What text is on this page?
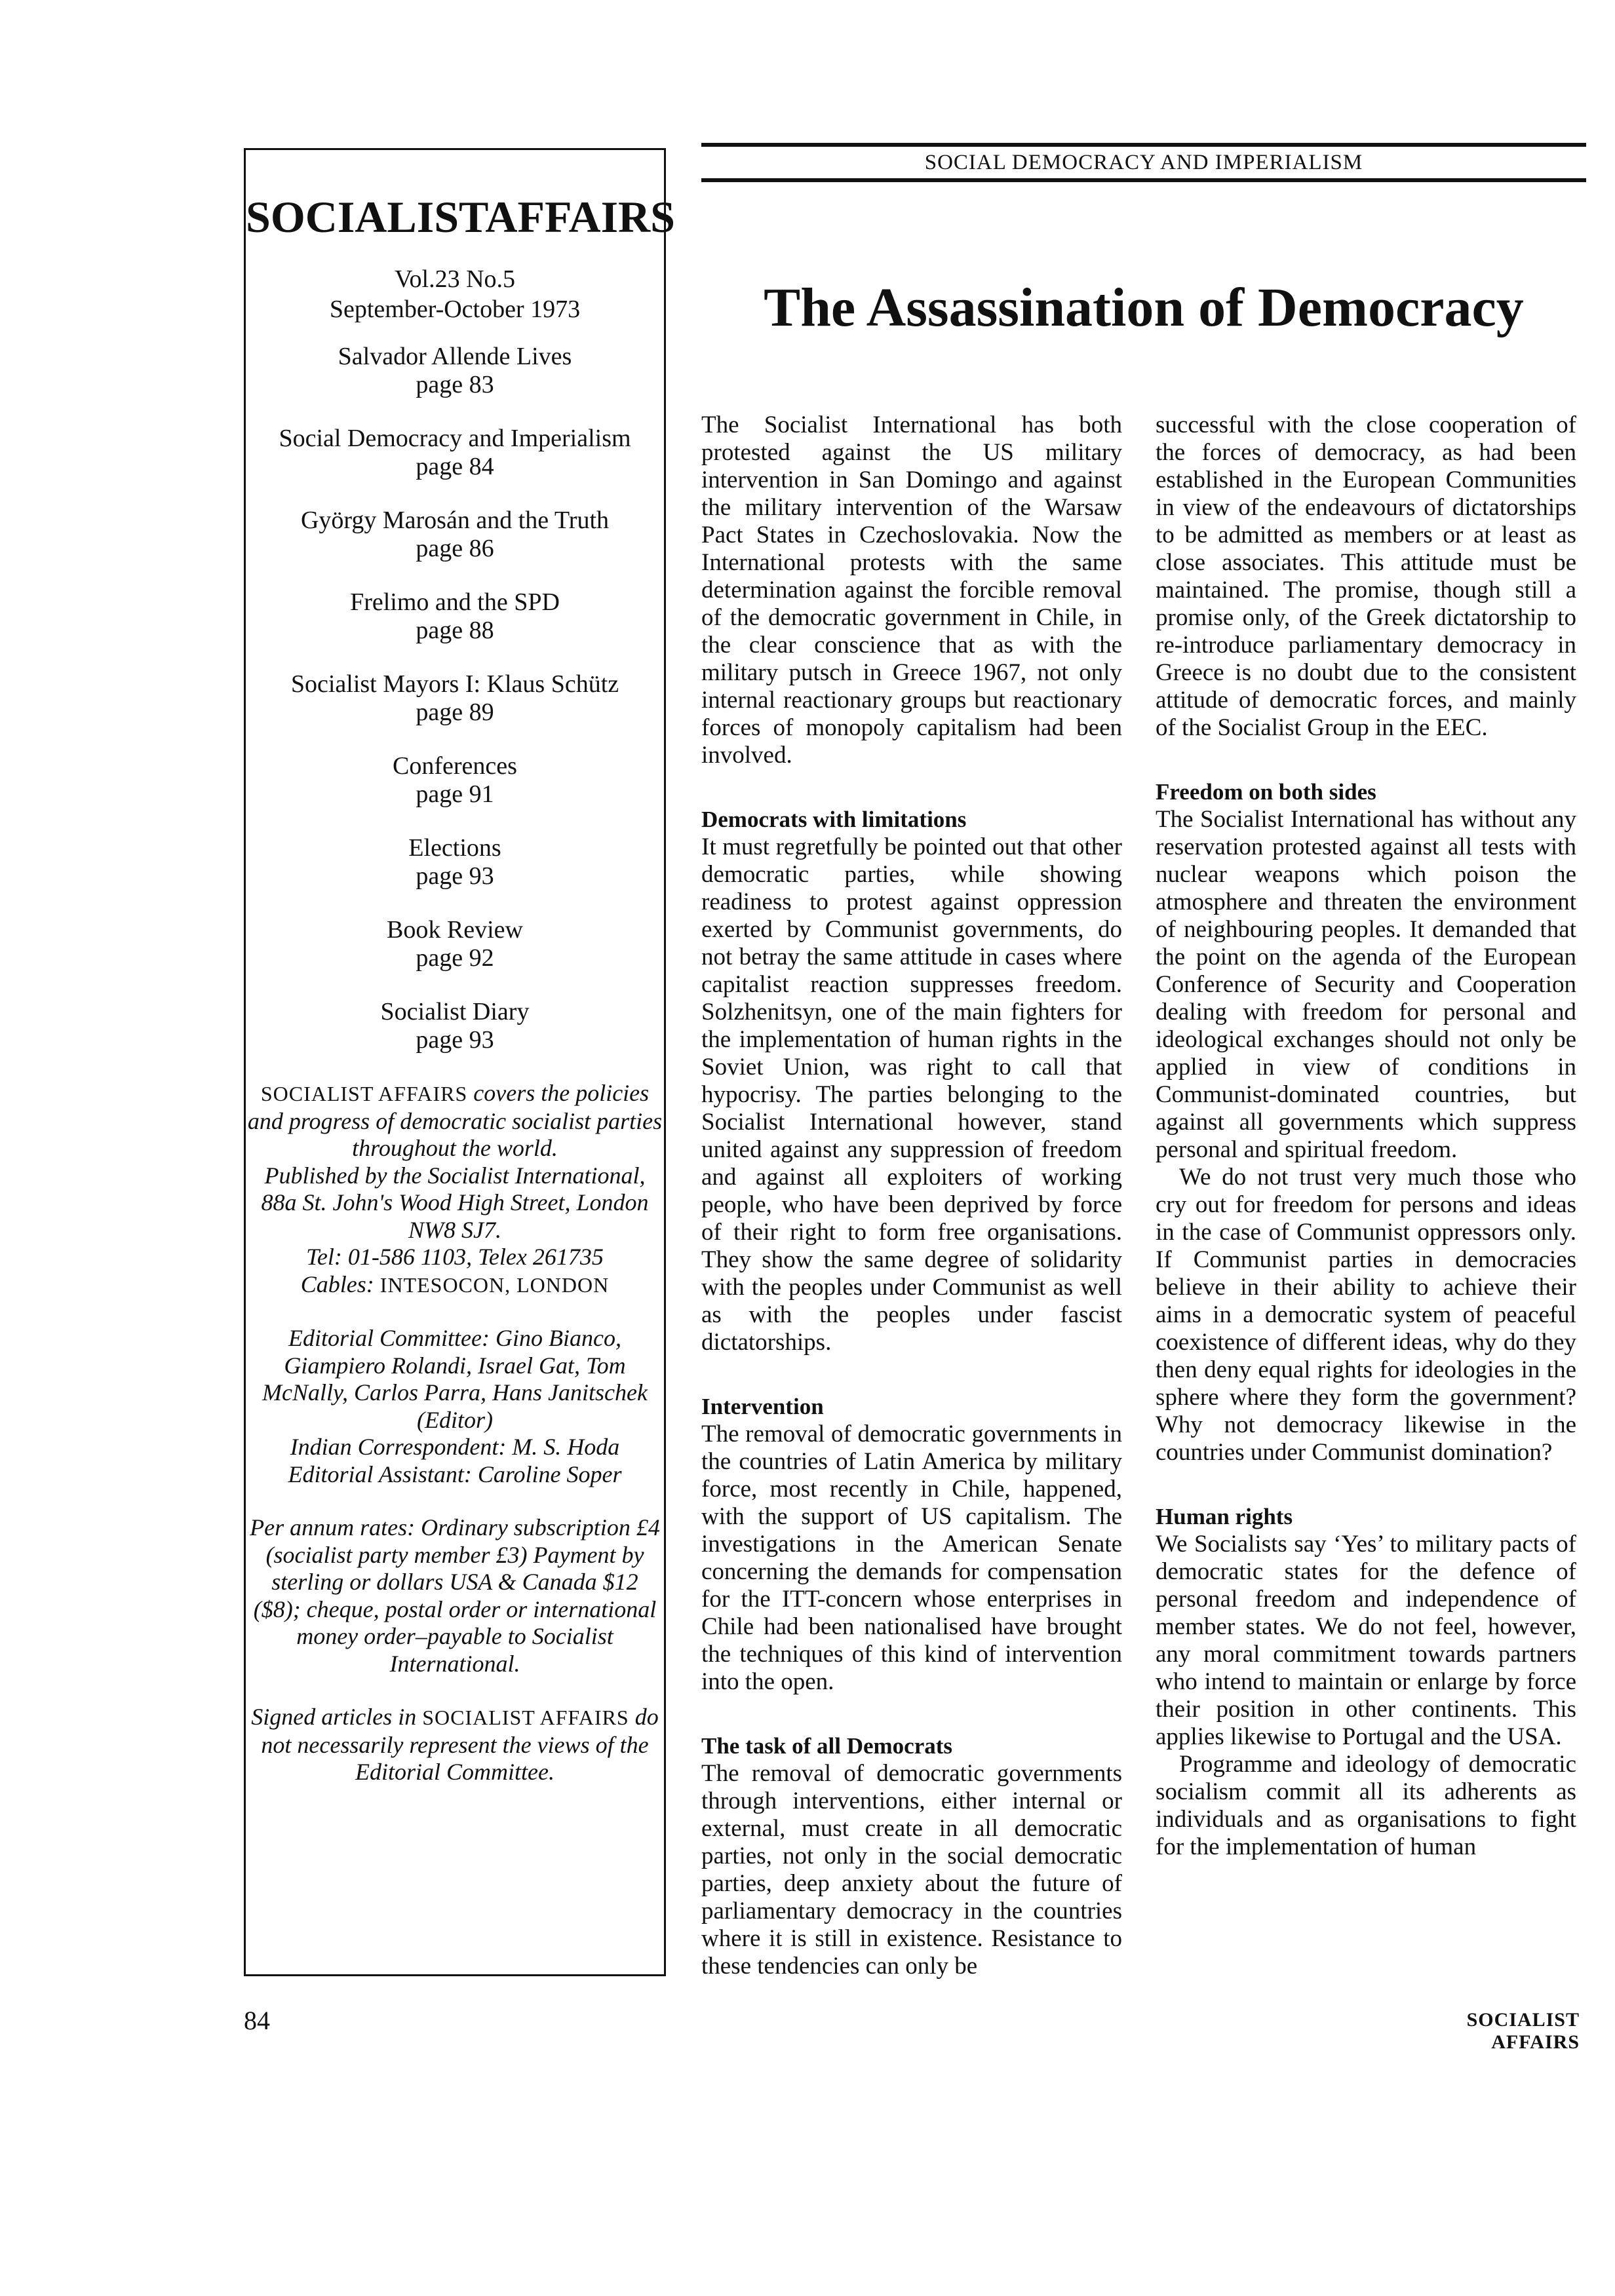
SOCIALISTAFFAIRS
Vol.23 No.5
September-October 1973
Salvador Allende Lives
page 83
Social Democracy and Imperialism
page 84
György Marosán and the Truth
page 86
Frelimo and the SPD
page 88
Socialist Mayors I: Klaus Schütz
page 89
Conferences
page 91
Elections
page 93
Book Review
page 92
Socialist Diary
page 93

SOCIALIST AFFAIRS covers the policies and progress of democratic socialist parties throughout the world.
Published by the Socialist International, 88a St. John's Wood High Street, London NW8 SJ7.
Tel: 01-586 1103, Telex 261735
Cables: INTESOCON, LONDON

Editorial Committee: Gino Bianco, Giampiero Rolandi, Israel Gat, Tom McNally, Carlos Parra, Hans Janitschek (Editor)
Indian Correspondent: M. S. Hoda
Editorial Assistant: Caroline Soper

Per annum rates: Ordinary subscription £4 (socialist party member £3) Payment by sterling or dollars USA & Canada $12 ($8); cheque, postal order or international money order–payable to Socialist International.

Signed articles in SOCIALIST AFFAIRS do not necessarily represent the views of the Editorial Committee.

SOCIAL DEMOCRACY AND IMPERIALISM
The Assassination of Democracy

The Socialist International has both protested against the US military intervention in San Domingo and against the military intervention of the Warsaw Pact States in Czechoslovakia. Now the International protests with the same determination against the forcible removal of the democratic government in Chile, in the clear conscience that as with the military putsch in Greece 1967, not only internal reactionary groups but reactionary forces of monopoly capitalism had been involved.

Democrats with limitations

It must regretfully be pointed out that other democratic parties, while showing readiness to protest against oppression exerted by Communist governments, do not betray the same attitude in cases where capitalist reaction suppresses freedom. Solzhenitsyn, one of the main fighters for the implementation of human rights in the Soviet Union, was right to call that hypocrisy. The parties belonging to the Socialist International however, stand united against any suppression of freedom and against all exploiters of working people, who have been deprived by force of their right to form free organisations. They show the same degree of solidarity with the peoples under Communist as well as with the peoples under fascist dictatorships.

Intervention

The removal of democratic governments in the countries of Latin America by military force, most recently in Chile, happened, with the support of US capitalism. The investigations in the American Senate concerning the demands for compensation for the ITT-concern whose enterprises in Chile had been nationalised have brought the techniques of this kind of intervention into the open.

The task of all Democrats

The removal of democratic governments through interventions, either internal or external, must create in all democratic parties, not only in the social democratic parties, deep anxiety about the future of parliamentary democracy in the countries where it is still in existence. Resistance to these tendencies can only be

successful with the close cooperation of the forces of democracy, as had been established in the European Communities in view of the endeavours of dictatorships to be admitted as members or at least as close associates. This attitude must be maintained. The promise, though still a promise only, of the Greek dictatorship to re-introduce parliamentary democracy in Greece is no doubt due to the consistent attitude of democratic forces, and mainly of the Socialist Group in the EEC.

Freedom on both sides

The Socialist International has without any reservation protested against all tests with nuclear weapons which poison the atmosphere and threaten the environment of neighbouring peoples. It demanded that the point on the agenda of the European Conference of Security and Cooperation dealing with freedom for personal and ideological exchanges should not only be applied in view of conditions in Communist-dominated countries, but against all governments which suppress personal and spiritual freedom.

We do not trust very much those who cry out for freedom for persons and ideas in the case of Communist oppressors only. If Communist parties in democracies believe in their ability to achieve their aims in a democratic system of peaceful coexistence of different ideas, why do they then deny equal rights for ideologies in the sphere where they form the government? Why not democracy likewise in the countries under Communist domination?

Human rights

We Socialists say ‘Yes’ to military pacts of democratic states for the defence of personal freedom and independence of member states. We do not feel, however, any moral commitment towards partners who intend to maintain or enlarge by force their position in other continents. This applies likewise to Portugal and the USA.

Programme and ideology of democratic socialism commit all its adherents as individuals and as organisations to fight for the implementation of human

84	SOCIALIST AFFAIRS
